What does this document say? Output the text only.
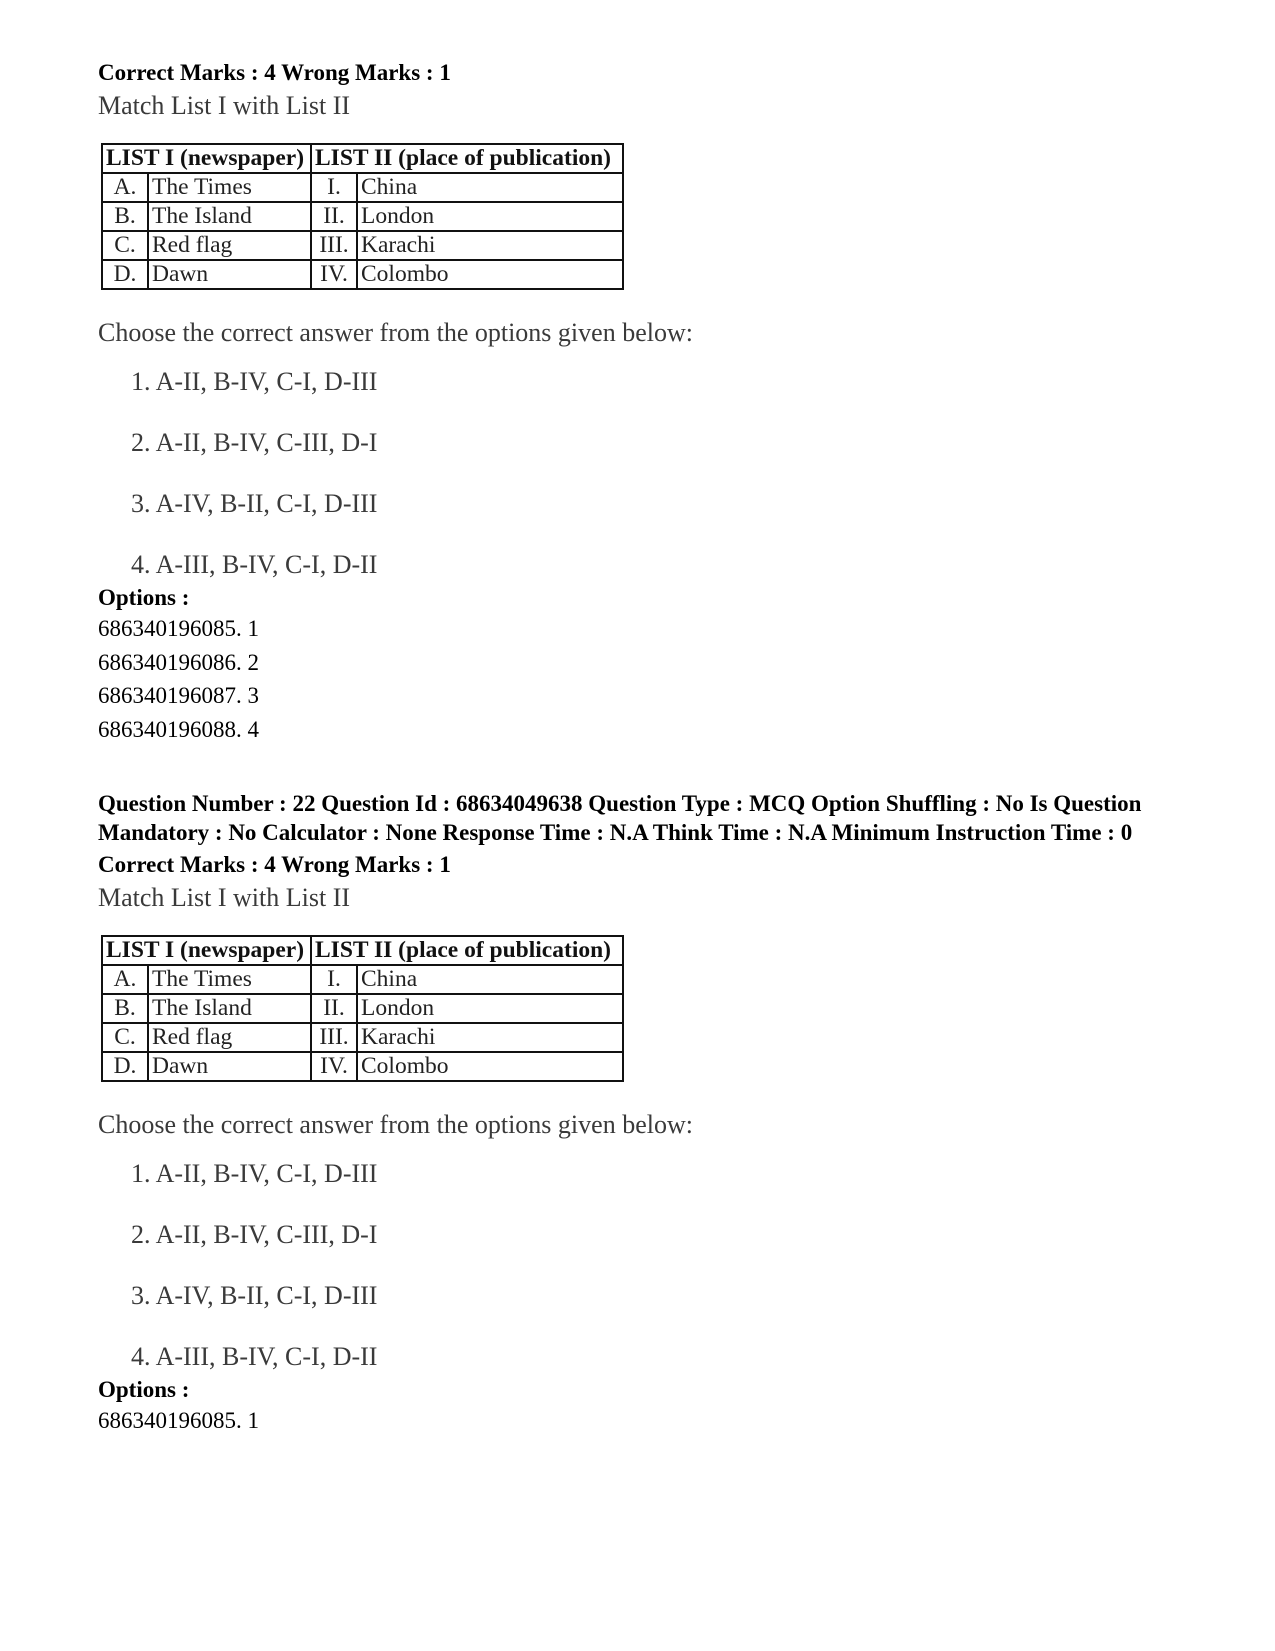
Correct Marks : 4 Wrong Marks : 1
Match List I with List II
LIST I (newspaper)		LIST II (place of publication)	
A.	The Times	I.	China
B.	The Island	II.	London
C.	Red flag	III.	Karachi
D.	Dawn	IV.	Colombo
Choose the correct answer from the options given below:
1. A-II, B-IV, C-I, D-III
2. A-II, B-IV, C-III, D-I
3. A-IV, B-II, C-I, D-III
4. A-III, B-IV, C-I, D-II
Options :
686340196085. 1
686340196086. 2
686340196087. 3
686340196088. 4
Question Number : 22 Question Id : 68634049638 Question Type : MCQ Option Shuffling : No Is Question Mandatory : No Calculator : None Response Time : N.A Think Time : N.A Minimum Instruction Time : 0
Correct Marks : 4 Wrong Marks : 1
Match List I with List II
LIST I (newspaper)		LIST II (place of publication)	
A.	The Times	I.	China
B.	The Island	II.	London
C.	Red flag	III.	Karachi
D.	Dawn	IV.	Colombo
Choose the correct answer from the options given below:
1. A-II, B-IV, C-I, D-III
2. A-II, B-IV, C-III, D-I
3. A-IV, B-II, C-I, D-III
4. A-III, B-IV, C-I, D-II
Options :
686340196085. 1
